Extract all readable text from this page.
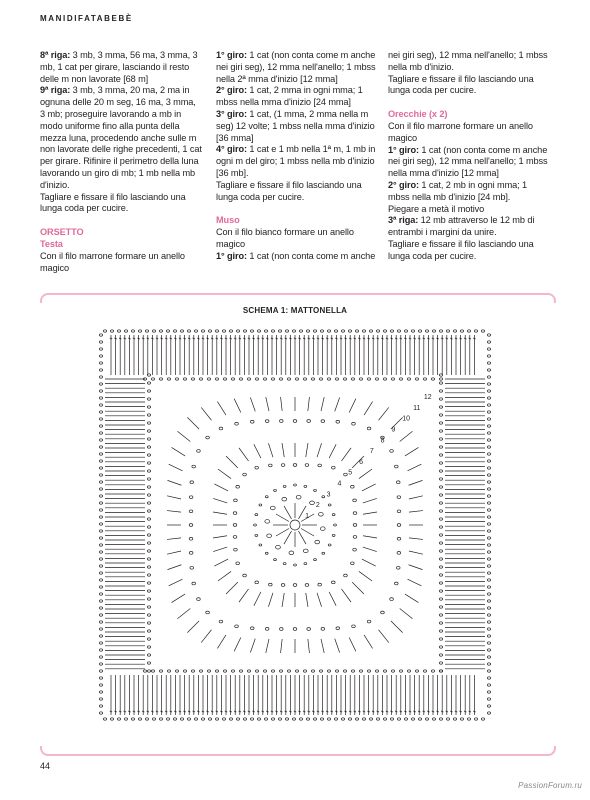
MANIDIFATABEBÈ

8ª riga: 3 mb, 3 mma, 56 ma, 3 mma, 3 mb, 1 cat per girare, lasciando il resto delle m non lavorate [68 m]

9ª riga: 3 mb, 3 mma, 20 ma, 2 ma in ognuna delle 20 m seg, 16 ma, 3 mma, 3 mb; proseguire lavorando a mb in modo uniforme fino alla punta della mezza luna, procedendo anche sulle m non lavorate delle righe precedenti, 1 cat per girare. Rifinire il perimetro della luna lavorando un giro di mb; 1 mb nella mb d'inizio.

Tagliare e fissare il filo lasciando una lunga coda per cucire.

ORSETTO

Testa

Con il filo marrone formare un anello magico

1° giro: 1 cat (non conta come m anche nei giri seg), 12 mma nell'anello; 1 mbss nella 2ª mma d'inizio [12 mma]

2° giro: 1 cat, 2 mma in ogni mma; 1 mbss nella mma d'inizio [24 mma]

3° giro: 1 cat, (1 mma, 2 mma nella m seg) 12 volte; 1 mbss nella mma d'inizio [36 mma]

4° giro: 1 cat e 1 mb nella 1ª m, 1 mb in ogni m del giro; 1 mbss nella mb d'inizio [36 mb].

Tagliare e fissare il filo lasciando una lunga coda per cucire.

Muso

Con il filo bianco formare un anello magico

1° giro: 1 cat (non conta come m anche

nei giri seg), 12 mma nell'anello; 1 mbss nella mb d'inizio.

Tagliare e fissare il filo lasciando una lunga coda per cucire.

Orecchie (x 2)

Con il filo marrone formare un anello magico

1° giro: 1 cat (non conta come m anche nei giri seg), 12 mma nell'anello; 1 mbss nella mma d'inizio [12 mma]

2° giro: 1 cat, 2 mb in ogni mma; 1 mbss nella mb d'inizio [24 mb].

Piegare a metà il motivo

3ª riga: 12 mb attraverso le 12 mb di entrambi i margini da unire.

Tagliare e fissare il filo lasciando una lunga coda per cucire.

SCHEMA 1: MATTONELLA
1
2
3
4
5
6
7
8
9
10
11
12
44
PassionForum.ru
